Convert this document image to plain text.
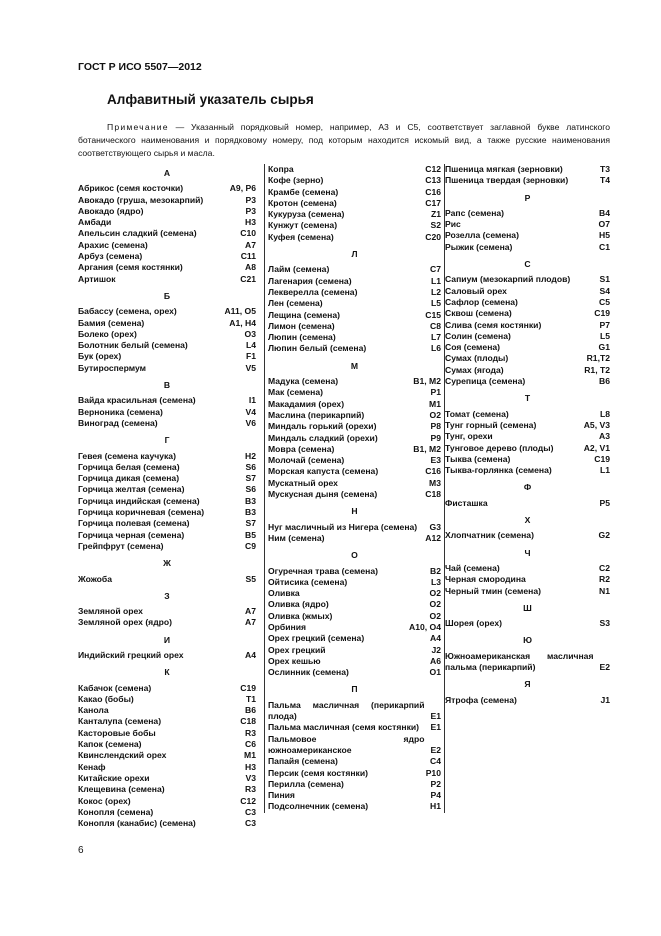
ГОСТ Р ИСО 5507—2012
Алфавитный указатель сырья
Примечание — Указанный порядковый номер, например, А3 и С5, соответствует заглавной букве латинского ботанического наименования и порядковому номеру, под которым находится искомый вид, а также русские наименования соответствующего сырья и масла.
А
Абрикос (семя косточки)	А9, Р6
Авокадо (груша, мезокарпий)	Р3
Авокадо (ядро)	Р3
Амбади	Н3
Апельсин сладкий (семена)	С10
Арахис (семена)	А7
Арбуз (семена)	С11
Аргания (семя костянки)	А8
Артишок	С21
Б
Бабассу (семена, орех)	А11, О5
Бамия (семена)	А1, Н4
Болеко (орех)	О3
Болотник белый (семена)	L4
Бук (орех)	F1
Бутироспермум	V5
В
Вайда красильная (семена)	I1
Верноника (семена)	V4
Виноград (семена)	V6
Г
Гевея (семена каучука)	Н2
Горчица белая (семена)	S6
Горчица дикая (семена)	S7
Горчица желтая (семена)	S6
Горчица индийская (семена)	В3
Горчица коричневая (семена)	В3
Горчица полевая (семена)	S7
Горчица черная (семена)	В5
Грейпфрут (семена)	С9
Ж
Жожоба	S5
З
Земляной орех	А7
Земляной орех (ядро)	А7
И
Индийский грецкий орех	А4
К
Кабачок (семена)	С19
Какао (бобы)	Т1
Канола	В6
Канталупа (семена)	С18
Касторовые бобы	R3
Капок (семена)	С6
Квинслендский орех	М1
Кенаф	Н3
Китайские орехи	V3
Клещевина (семена)	R3
Кокос (орех)	С12
Конопля (семена)	С3
Конопля (канабис) (семена)	С3
Копра	С12
Кофе (зерно)	С13
Крамбе (семена)	С16
Кротон (семена)	С17
Кукуруза (семена)	Z1
Кунжут (семена)	S2
Куфея (семена)	С20
Л
Лайм (семена)	С7
Лагенария (семена)	L1
Лекверелла (семена)	L2
Лен (семена)	L5
Лещина (семена)	С15
Лимон (семена)	С8
Люпин (семена)	L7
Люпин белый (семена)	L6
М
Мадука (семена)	В1, М2
Мак (семена)	Р1
Макадамия (орех)	М1
Маслина (перикарпий)	О2
Миндаль горький (орехи)	Р8
Миндаль сладкий (орехи)	Р9
Мовра (семена)	В1, М2
Молочай (семена)	Е3
Морская капуста (семена)	С16
Мускатный орех	М3
Мускусная дыня (семена)	С18
Н
Нуг масличный из Нигера (семена)	G3
Ним (семена)	А12
О
Огуречная трава (семена)	В2
Ойтисика (семена)	L3
Оливка	О2
Оливка (ядро)	О2
Оливка (жмых)	О2
Орбиния	А10, О4
Орех грецкий (семена)	А4
Орех грецкий	J2
Орех кешью	А6
Ослинник (семена)	О1
П
Пальма масличная (перикарпий плода)	Е1
Пальма масличная (семя костянки)	Е1
Пальмовое ядро южноамериканское	Е2
Папайя (семена)	С4
Персик (семя костянки)	Р10
Перилла (семена)	Р2
Пиния	Р4
Подсолнечник (семена)	Н1
Пшеница мягкая (зерновки)	Т3
Пшеница твердая (зерновки)	Т4
Р
Рапс (семена)	В4
Рис	О7
Розелла (семена)	Н5
Рыжик (семена)	С1
С
Сапиум (мезокарпий плодов)	S1
Саловый орех	S4
Сафлор (семена)	С5
Сквош (семена)	С19
Слива (семя костянки)	Р7
Солин (семена)	L5
Соя (семена)	G1
Сумах (плоды)	R1,Т2
Сумах (ягода)	R1, Т2
Сурепица (семена)	В6
Т
Томат (семена)	L8
Тунг горный (семена)	А5, V3
Тунг, орехи	А3
Тунговое дерево (плоды)	А2, V1
Тыква (семена)	С19
Тыква-горлянка (семена)	L1
Ф
Фисташка	Р5
Х
Хлопчатник (семена)	G2
Ч
Чай (семена)	С2
Черная смородина	R2
Черный тмин (семена)	N1
Ш
Шорея (орех)	S3
Ю
Южноамериканская масличная пальма (перикарпий)	Е2
Я
Ятрофа (семена)	J1
6
